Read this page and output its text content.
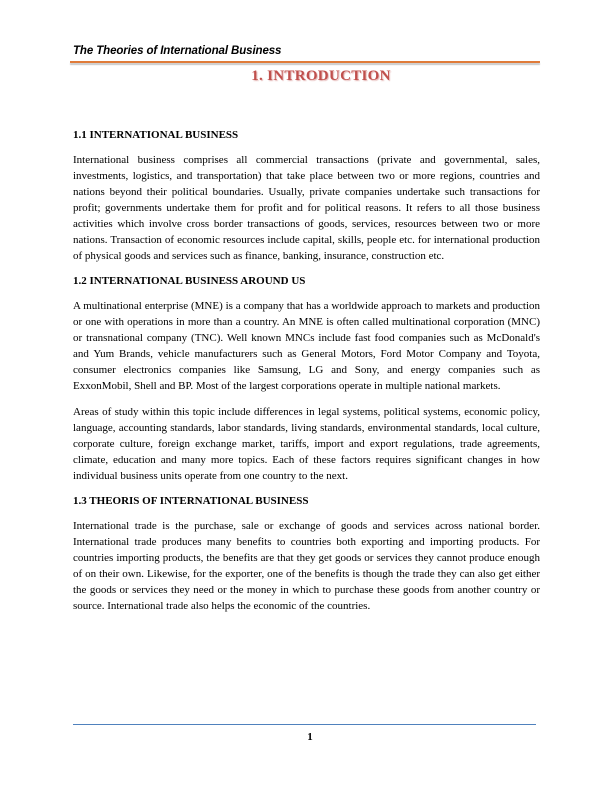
The Theories of International Business
1. INTRODUCTION

1.1 INTERNATIONAL BUSINESS

International business comprises all commercial transactions (private and governmental, sales, investments, logistics, and transportation) that take place between two or more regions, countries and nations beyond their political boundaries. Usually, private companies undertake such transactions for profit; governments undertake them for profit and for political reasons. It refers to all those business activities which involve cross border transactions of goods, services, resources between two or more nations. Transaction of economic resources include capital, skills, people etc. for international production of physical goods and services such as finance, banking, insurance, construction etc.

1.2 INTERNATIONAL BUSINESS AROUND US

A multinational enterprise (MNE) is a company that has a worldwide approach to markets and production or one with operations in more than a country. An MNE is often called multinational corporation (MNC) or transnational company (TNC). Well known MNCs include fast food companies such as McDonald's and Yum Brands, vehicle manufacturers such as General Motors, Ford Motor Company and Toyota, consumer electronics companies like Samsung, LG and Sony, and energy companies such as ExxonMobil, Shell and BP. Most of the largest corporations operate in multiple national markets.

Areas of study within this topic include differences in legal systems, political systems, economic policy, language, accounting standards, labor standards, living standards, environmental standards, local culture, corporate culture, foreign exchange market, tariffs, import and export regulations, trade agreements, climate, education and many more topics. Each of these factors requires significant changes in how individual business units operate from one country to the next.

1.3 THEORIS OF INTERNATIONAL BUSINESS

International trade is the purchase, sale or exchange of goods and services across national border. International trade produces many benefits to countries both exporting and importing products. For countries importing products, the benefits are that they get goods or services they cannot produce enough of on their own. Likewise, for the exporter, one of the benefits is though the trade they can also get either the goods or services they need or the money in which to purchase these goods from another country or source. International trade also helps the economic of the countries.

1
